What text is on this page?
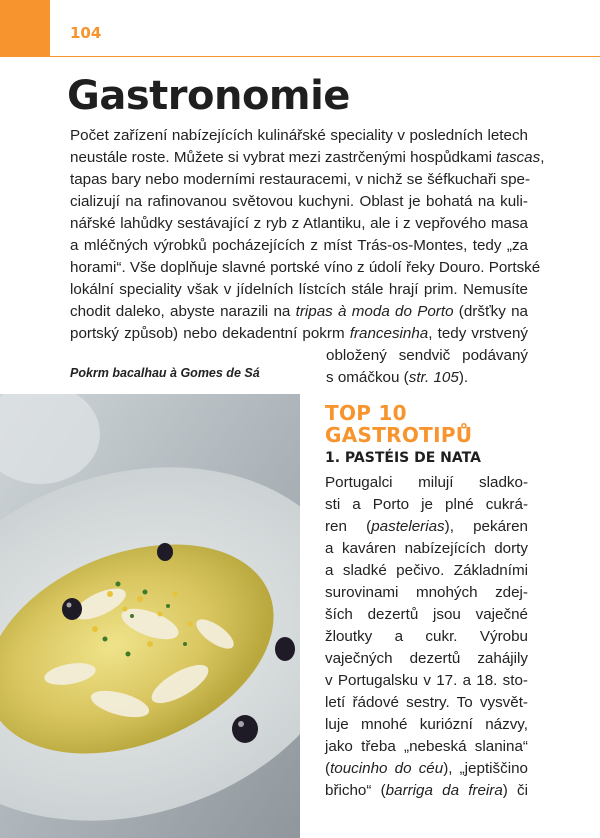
104
Gastronomie
Počet zařízení nabízejících kulinářské speciality v posledních letech
neustále roste. Můžete si vybrat mezi zastrčenými hospůdkami tascas,
tapas bary nebo moderními restauracemi, v nichž se šéfkuchaři spe-
cializují na rafinovanou světovou kuchyni. Oblast je bohatá na kuli-
nářské lahůdky sestávající z ryb z Atlantiku, ale i z vepřového masa
a mléčných výrobků pocházejících z míst Trás-os-Montes, tedy „za
horami“. Vše doplňuje slavné portské víno z údolí řeky Douro. Portské
lokální speciality však v jídelních lístcích stále hrají prim. Nemusíte
chodit daleko, abyste narazili na tripas à moda do Porto (dršťky na
portský způsob) nebo dekadentní pokrm francesinha, tedy vrstvený
obložený sendvič podávaný
s omáčkou (str. 105).
Pokrm bacalhau à Gomes de Sá
TOP 10
GASTROTIPŮ
1. PASTÉIS DE NATA
Portugalci milují sladko-
sti a Porto je plné cukrá-
ren (pastelerias), pekáren
a kaváren nabízejících dorty
a sladké pečivo. Základními
surovinami mnohých zdej-
ších dezertů jsou vaječné
žloutky a cukr. Výrobu
vaječných dezertů zahájily
v Portugalsku v 17. a 18. sto-
letí řádové sestry. To vysvět-
luje mnohé kuriózní názvy,
jako třeba „nebeská slanina“
(toucinho do céu), „jeptiščino
břicho“ (barriga da freira) či
